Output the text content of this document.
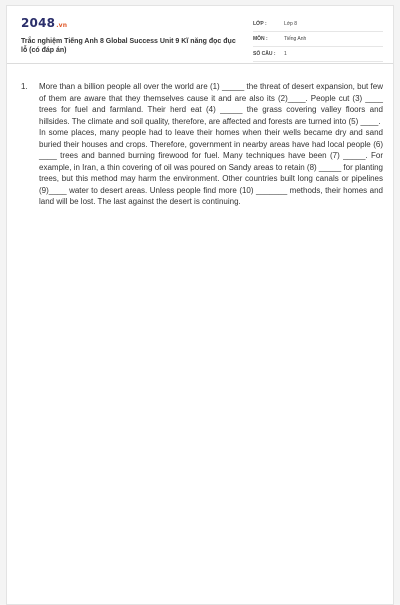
2048.vn
Trắc nghiệm Tiếng Anh 8 Global Success Unit 9 Kĩ năng đọc đục lỗ (có đáp án)
LỚP :	Lớp 8
MÔN :	Tiếng Anh
SỐ CÂU : 1
1. More than a billion people all over the world are (1) _____ the threat of desert expansion, but few of them are aware that they themselves cause it and are also its (2)____. People cut (3) ____ trees for fuel and farmland. Their herd eat (4) _____ the grass covering valley floors and hillsides. The climate and soil quality, therefore, are affected and forests are turned into (5) ____.

In some places, many people had to leave their homes when their wells became dry and sand buried their houses and crops. Therefore, government in nearby areas have had local people (6) ____ trees and banned burning firewood for fuel. Many techniques have been (7) _____. For example, in Iran, a thin covering of oil was poured on Sandy areas to retain (8) _____ for planting trees, but this method may harm the environment. Other countries built long canals or pipelines (9)____ water to desert areas. Unless people find more (10) _______ methods, their homes and land will be lost. The last against the desert is continuing.
